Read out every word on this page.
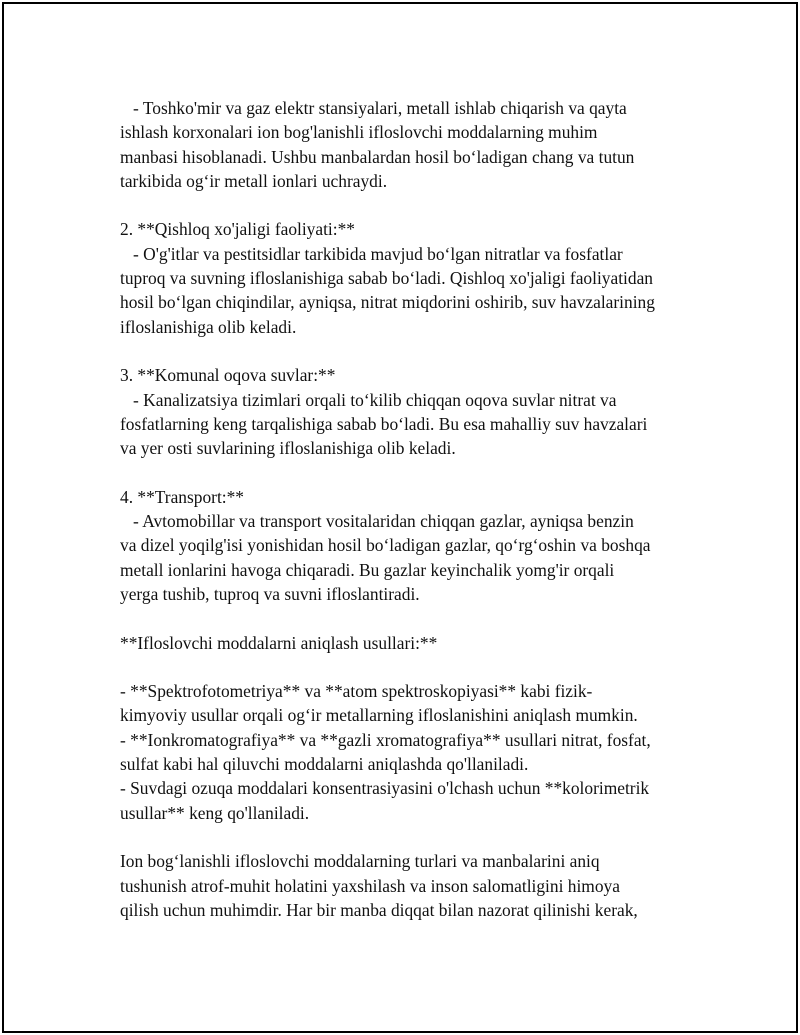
- Toshko'mir va gaz elektr stansiyalari, metall ishlab chiqarish va qayta
ishlash korxonalari ion bog'lanishli ifloslovchi moddalarning muhim
manbasi hisoblanadi. Ushbu manbalardan hosil bo‘ladigan chang va tutun
tarkibida og‘ir metall ionlari uchraydi.
2. **Qishloq xo'jaligi faoliyati:**
- O'g'itlar va pestitsidlar tarkibida mavjud bo‘lgan nitratlar va fosfatlar
tuproq va suvning ifloslanishiga sabab bo‘ladi. Qishloq xo'jaligi faoliyatidan
hosil bo‘lgan chiqindilar, ayniqsa, nitrat miqdorini oshirib, suv havzalarining
ifloslanishiga olib keladi.
3. **Komunal oqova suvlar:**
- Kanalizatsiya tizimlari orqali to‘kilib chiqqan oqova suvlar nitrat va
fosfatlarning keng tarqalishiga sabab bo‘ladi. Bu esa mahalliy suv havzalari
va yer osti suvlarining ifloslanishiga olib keladi.
4. **Transport:**
- Avtomobillar va transport vositalaridan chiqqan gazlar, ayniqsa benzin
va dizel yoqilg'isi yonishidan hosil bo‘ladigan gazlar, qo‘rg‘oshin va boshqa
metall ionlarini havoga chiqaradi. Bu gazlar keyinchalik yomg'ir orqali
yerga tushib, tuproq va suvni ifloslantiradi.
**Ifloslovchi moddalarni aniqlash usullari:**
- **Spektrofotometriya** va **atom spektroskopiyasi** kabi fizik-
kimyoviy usullar orqali og‘ir metallarning ifloslanishini aniqlash mumkin.
- **Ionkromatografiya** va **gazli xromatografiya** usullari nitrat, fosfat,
sulfat kabi hal qiluvchi moddalarni aniqlashda qo'llaniladi.
- Suvdagi ozuqa moddalari konsentrasiyasini o'lchash uchun **kolorimetrik
usullar** keng qo'llaniladi.
Ion bog‘lanishli ifloslovchi moddalarning turlari va manbalarini aniq
tushunish atrof-muhit holatini yaxshilash va inson salomatligini himoya
qilish uchun muhimdir. Har bir manba diqqat bilan nazorat qilinishi kerak,
